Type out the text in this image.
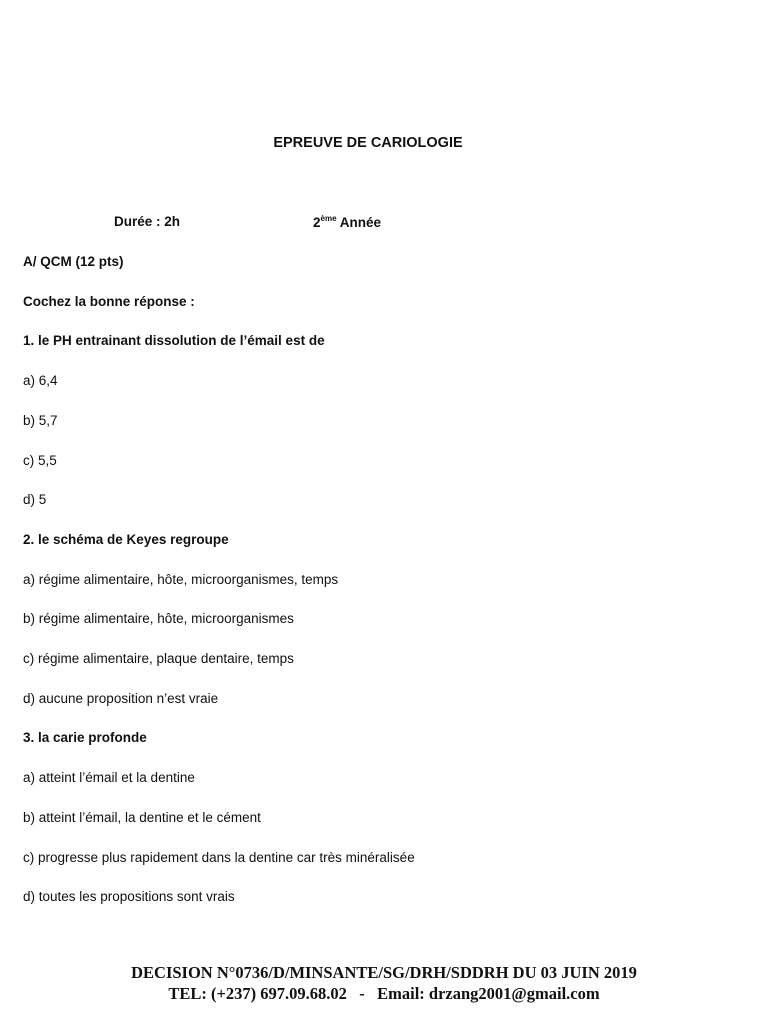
EPREUVE DE CARIOLOGIE
Durée : 2h	2ème Année
A/ QCM (12 pts)
Cochez la bonne réponse :
1. le PH entrainant dissolution de l’émail est de
a) 6,4
b) 5,7
c) 5,5
d) 5
2. le schéma de Keyes regroupe
a) régime alimentaire, hôte, microorganismes, temps
b) régime alimentaire, hôte, microorganismes
c) régime alimentaire, plaque dentaire, temps
d) aucune proposition n’est vraie
3. la carie profonde
a) atteint l’émail et la dentine
b) atteint l’émail, la dentine et le cément
c) progresse plus rapidement dans la dentine car très minéralisée
d) toutes les propositions sont vrais
DECISION N°0736/D/MINSANTE/SG/DRH/SDDRH DU 03 JUIN 2019
TEL: (+237) 697.09.68.02   -   Email: drzang2001@gmail.com
